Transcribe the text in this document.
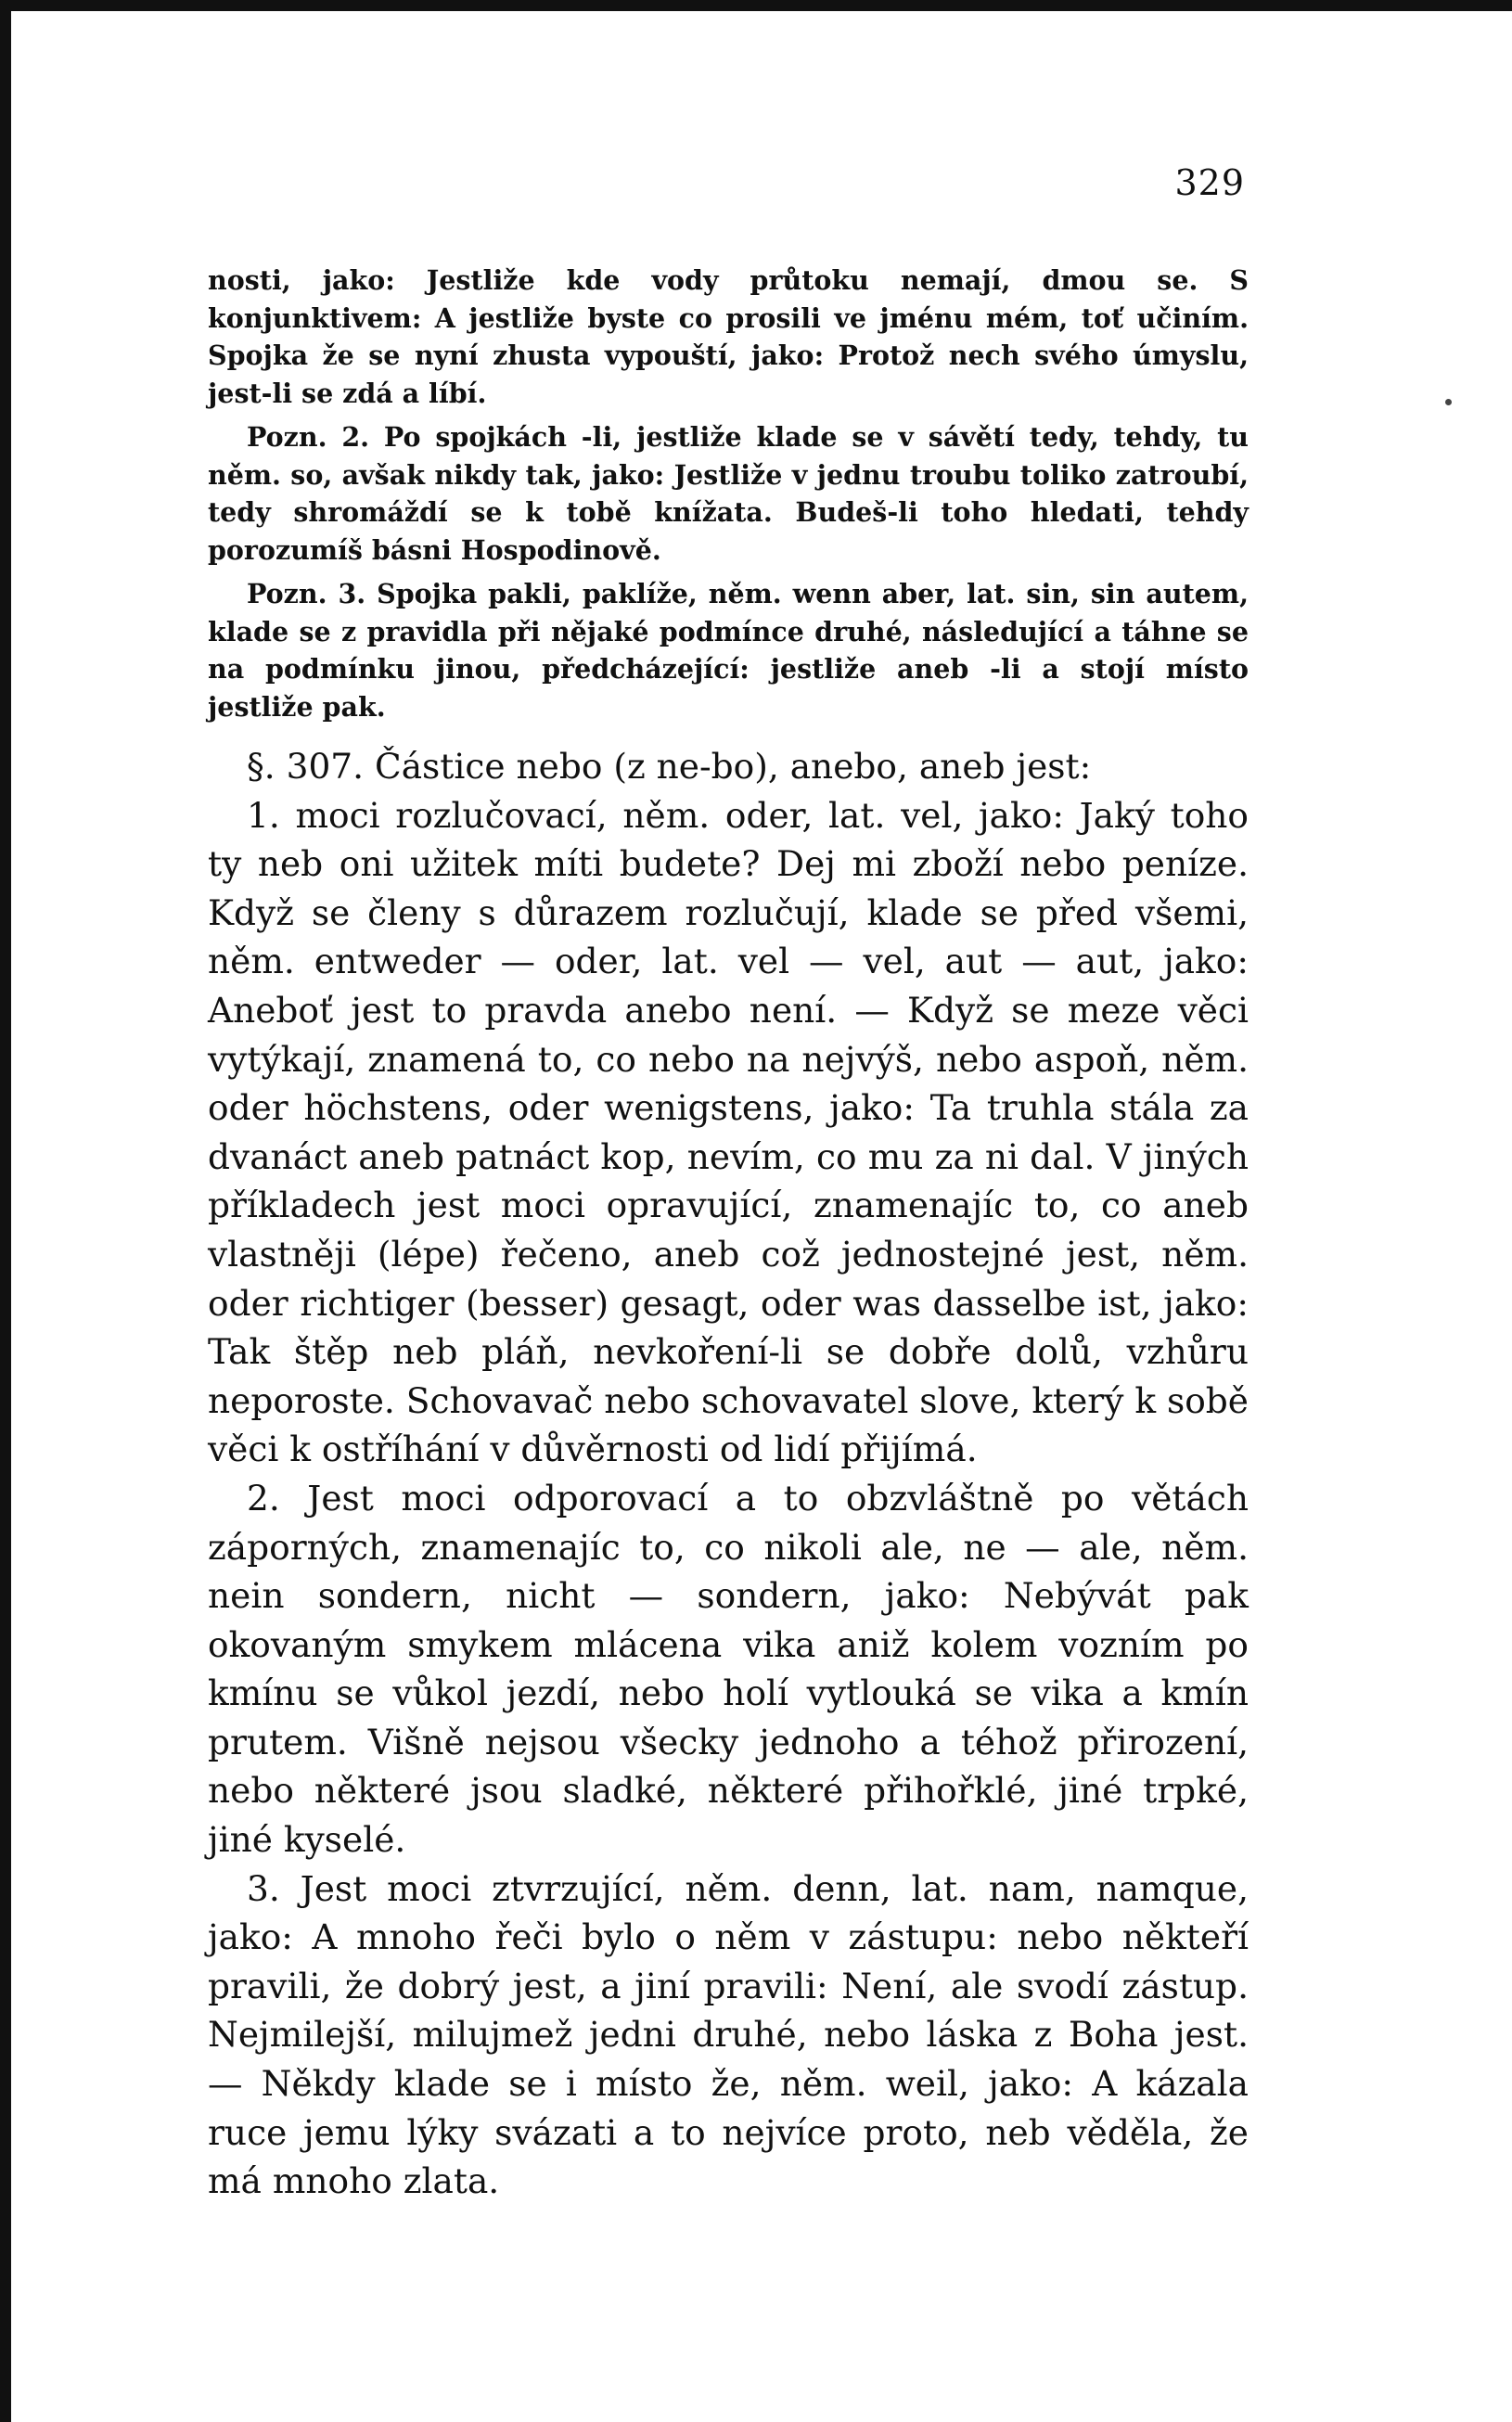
329

nosti, jako: Jestliže kde vody průtoku nemají, dmou se. S konjunktivem: A jestliže byste co prosili ve jménu mém, toť učiním. Spojka že se nyní zhusta vypouští, jako: Protož nech svého úmyslu, jest-li se zdá a líbí.

Pozn. 2. Po spojkách -li, jestliže klade se v sávětí tedy, tehdy, tu něm. so, avšak nikdy tak, jako: Jestliže v jednu troubu toliko zatroubí, tedy shromáždí se k tobě knížata. Budeš-li toho hledati, tehdy porozumíš básni Hospodinově.

Pozn. 3. Spojka pakli, paklíže, něm. wenn aber, lat. sin, sin autem, klade se z pravidla při nějaké podmínce druhé, následující a táhne se na podmínku jinou, předcházející: jestliže aneb -li a stojí místo jestliže pak.

§. 307. Částice nebo (z ne-bo), anebo, aneb jest:

1. moci rozlučovací, něm. oder, lat. vel, jako: Jaký toho ty neb oni užitek míti budete? Dej mi zboží nebo peníze. Když se členy s důrazem rozlučují, klade se před všemi, něm. entweder — oder, lat. vel — vel, aut — aut, jako: Aneboť jest to pravda anebo není. — Když se meze věci vytýkají, znamená to, co nebo na nejvýš, nebo aspoň, něm. oder höchstens, oder wenigstens, jako: Ta truhla stála za dvanáct aneb patnáct kop, nevím, co mu za ni dal. V jiných příkladech jest moci opravující, znamenajíc to, co aneb vlastněji (lépe) řečeno, aneb což jednostejné jest, něm. oder richtiger (besser) gesagt, oder was dasselbe ist, jako: Tak štěp neb pláň, nevkoření-li se dobře dolů, vzhůru neporoste. Schovavač nebo schovavatel slove, který k sobě věci k ostříhání v důvěrnosti od lidí přijímá.

2. Jest moci odporovací a to obzvláštně po větách záporných, znamenajíc to, co nikoli ale, ne — ale, něm. nein sondern, nicht — sondern, jako: Nebývát pak okovaným smykem mlácena vika aniž kolem vozním po kmínu se vůkol jezdí, nebo holí vytlouká se vika a kmín prutem. Višně nejsou všecky jednoho a téhož přirození, nebo některé jsou sladké, některé přihořklé, jiné trpké, jiné kyselé.

3. Jest moci ztvrzující, něm. denn, lat. nam, namque, jako: A mnoho řeči bylo o něm v zástupu: nebo někteří pravili, že dobrý jest, a jiní pravili: Není, ale svodí zástup. Nejmilejší, milujmež jedni druhé, nebo láska z Boha jest. — Někdy klade se i místo že, něm. weil, jako: A kázala ruce jemu lýky svázati a to nejvíce proto, neb věděla, že má mnoho zlata.
